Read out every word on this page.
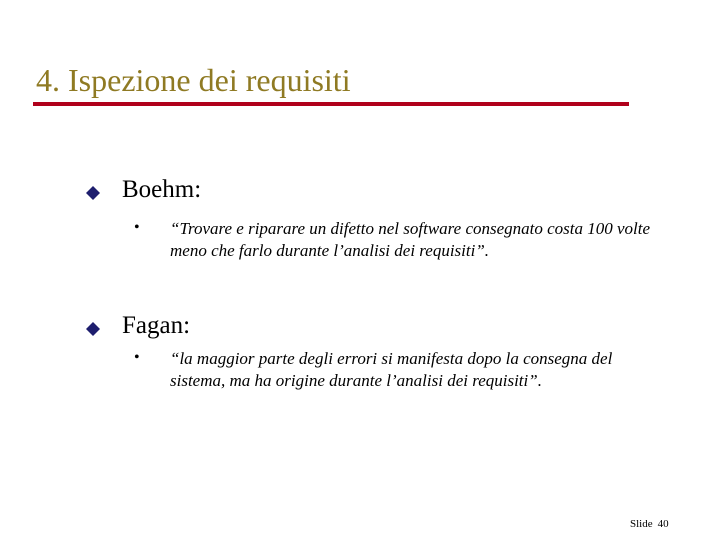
4. Ispezione dei requisiti
Boehm:
• “Trovare e riparare un difetto nel software consegnato costa 100 volte meno che farlo durante l’analisi dei requisiti”.
Fagan:
• “la maggior parte degli errori si manifesta dopo la consegna del sistema, ma ha origine durante l’analisi dei requisiti”.
Slide 40
